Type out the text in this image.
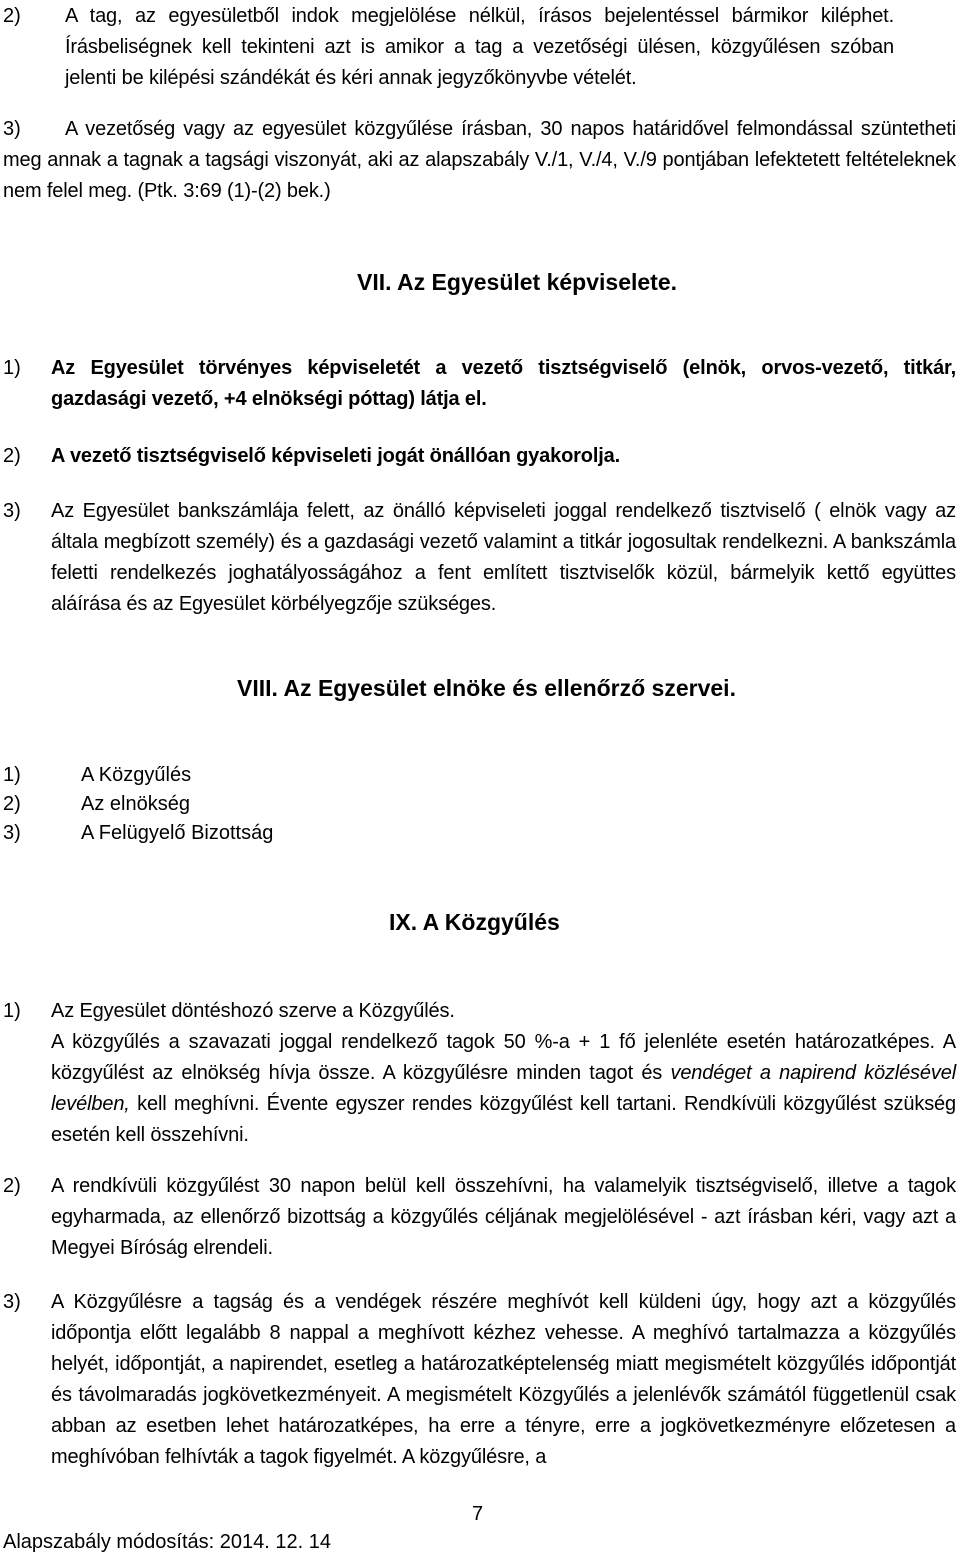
2)	A tag, az egyesületből indok megjelölése nélkül, írásos bejelentéssel bármikor kiléphet. Írásbeliségnek kell tekinteni azt is amikor a tag a vezetőségi ülésen, közgyűlésen szóban jelenti be kilépési szándékát és kéri annak jegyzőkönyvbe vételét.
3)	A vezetőség vagy az egyesület közgyűlése írásban, 30 napos határidővel felmondással szüntetheti meg annak a tagnak a tagsági viszonyát, aki az alapszabály V./1, V./4, V./9 pontjában lefektetett feltételeknek nem felel meg. (Ptk. 3:69 (1)-(2) bek.)
VII. Az Egyesület képviselete.
1) Az Egyesület törvényes képviseletét a vezető tisztségviselő (elnök, orvos-vezető, titkár, gazdasági vezető, +4 elnökségi póttag) látja el.
2) A vezető tisztségviselő képviseleti jogát önállóan gyakorolja.
3) Az Egyesület bankszámlája felett, az önálló képviseleti joggal rendelkező tisztviselő ( elnök vagy az általa megbízott személy) és a gazdasági vezető valamint a titkár jogosultak rendelkezni. A bankszámla feletti rendelkezés joghatályosságához a fent említett tisztviselők közül, bármelyik kettő együttes aláírása és az Egyesület körbélyegzője szükséges.
VIII. Az Egyesület elnöke és ellenőrző szervei.
1)	A Közgyűlés
2)	Az elnökség
3)	A Felügyelő Bizottság
IX. A Közgyűlés
1) Az Egyesület döntéshozó szerve a Közgyűlés.
A közgyűlés a szavazati joggal rendelkező tagok 50 %-a + 1 fő jelenléte esetén határozatképes. A közgyűlést az elnökség hívja össze. A közgyűlésre minden tagot és vendéget a napirend közlésével levélben, kell meghívni. Évente egyszer rendes közgyűlést kell tartani. Rendkívüli közgyűlést szükség esetén kell összehívni.
2) A rendkívüli közgyűlést 30 napon belül kell összehívni, ha valamelyik tisztségviselő, illetve a tagok egyharmada, az ellenőrző bizottság a közgyűlés céljának megjelölésével - azt írásban kéri, vagy azt a Megyei Bíróság elrendeli.
3) A Közgyűlésre a tagság és a vendégek részére meghívót kell küldeni úgy, hogy azt a közgyűlés időpontja előtt legalább 8 nappal a meghívott kézhez vehesse. A meghívó tartalmazza a közgyűlés helyét, időpontját, a napirendet, esetleg a határozatképtelenség miatt megismételt közgyűlés időpontját és távolmaradás jogkövetkezményeit. A megismételt Közgyűlés a jelenlévők számától függetlenül csak abban az esetben lehet határozatképes, ha erre a tényre, erre a jogkövetkezményre előzetesen a meghívóban felhívták a tagok figyelmét. A közgyűlésre, a
7
Alapszabály módosítás: 2014. 12. 14
